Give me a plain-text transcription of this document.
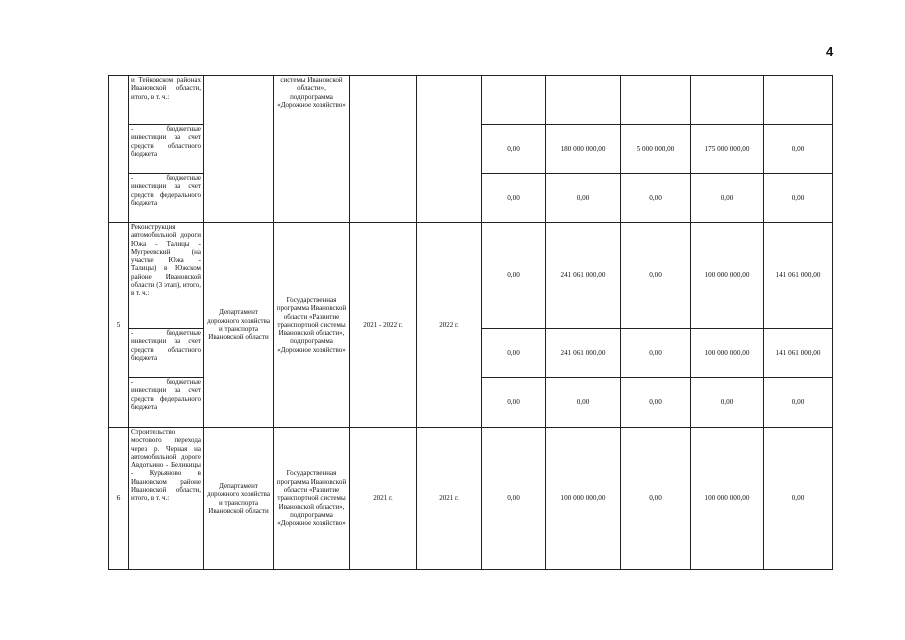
4
	и Тейковском районах Ивановской области, итого, в т. ч.:		системы Ивановской области», подпрограмма «Дорожное хозяйство»							
	- бюджетные инвестиции за счет средств областного бюджета					0,00	180 000 000,00	5 000 000,00	175 000 000,00	0,00
	- бюджетные инвестиции за счет средств федерального бюджета					0,00	0,00	0,00	0,00	0,00
5	Реконструкция автомобильной дороги Южа - Талицы - Мугреевский (на участке Южа - Талицы) в Южском районе Ивановской области (3 этап), итого, в т. ч.:	Департамент дорожного хозяйства и транспорта Ивановской области	Государственная программа Ивановской области «Развитие транспортной системы Ивановской области», подпрограмма «Дорожное хозяйство»	2021 - 2022 г.	2022 г.	0,00	241 061 000,00	0,00	100 000 000,00	141 061 000,00
	- бюджетные инвестиции за счет средств областного бюджета					0,00	241 061 000,00	0,00	100 000 000,00	141 061 000,00
	- бюджетные инвестиции за счет средств федерального бюджета					0,00	0,00	0,00	0,00	0,00
6	Строительство мостового перехода через р. Черная на автомобильной дороге Авдотьино - Беликицы - Курьяново в Ивановском районе Ивановской области, итого, в т. ч.:	Департамент дорожного хозяйства и транспорта Ивановской области	Государственная программа Ивановской области «Развитие транспортной системы Ивановской области», подпрограмма «Дорожное хозяйство»	2021 г.	2021 г.	0,00	100 000 000,00	0,00	100 000 000,00	0,00
